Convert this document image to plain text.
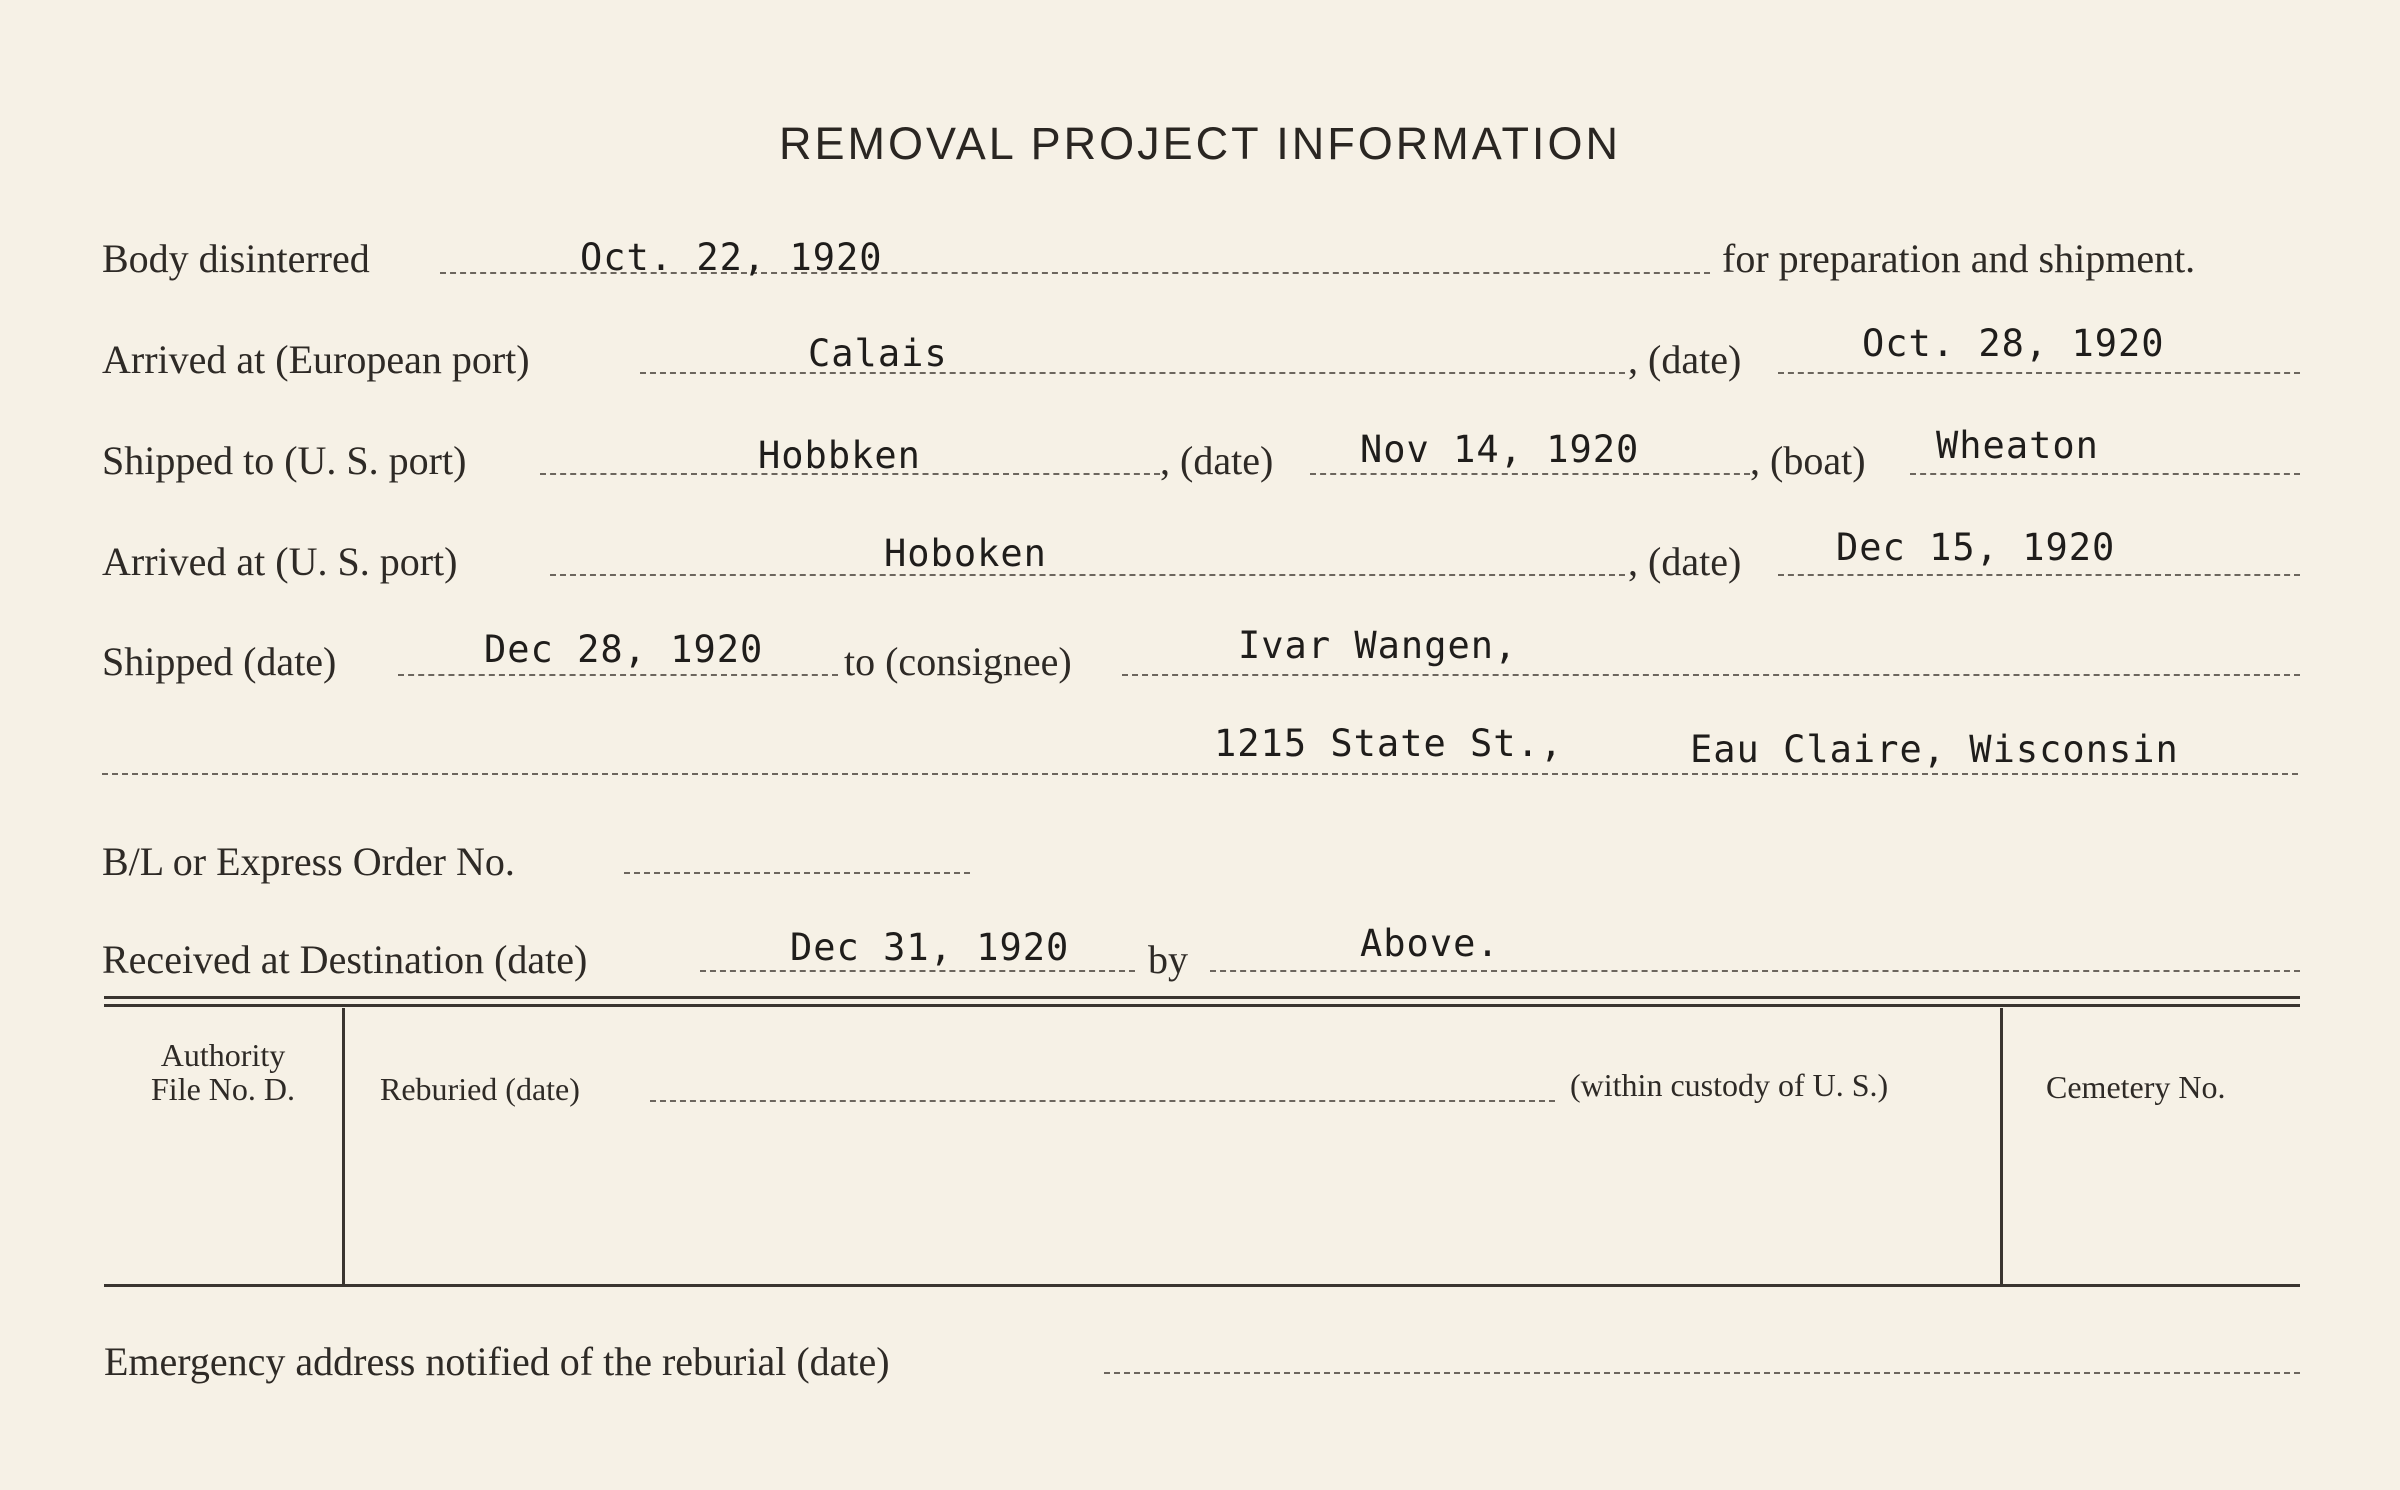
REMOVAL PROJECT INFORMATION
Body disinterred	Oct. 22, 1920	for preparation and shipment.
Arrived at (European port)	Calais	, (date)	Oct. 28, 1920
Shipped to (U. S. port)	Hobbken	, (date) Nov 14, 1920	, (boat) Wheaton
Arrived at (U. S. port)	Hoboken	, (date)	Dec 15, 1920
Shipped (date)	Dec 28, 1920 to (consignee)	Ivar Wangen,
1215 State St.,	Eau Claire, Wisconsin
B/L or Express Order No.
Received at Destination (date)	Dec 31, 1920 by	Above.
Authority
File No. D.	Reburied (date)	(within custody of U. S.)	Cemetery No.
Emergency address notified of the reburial (date)
